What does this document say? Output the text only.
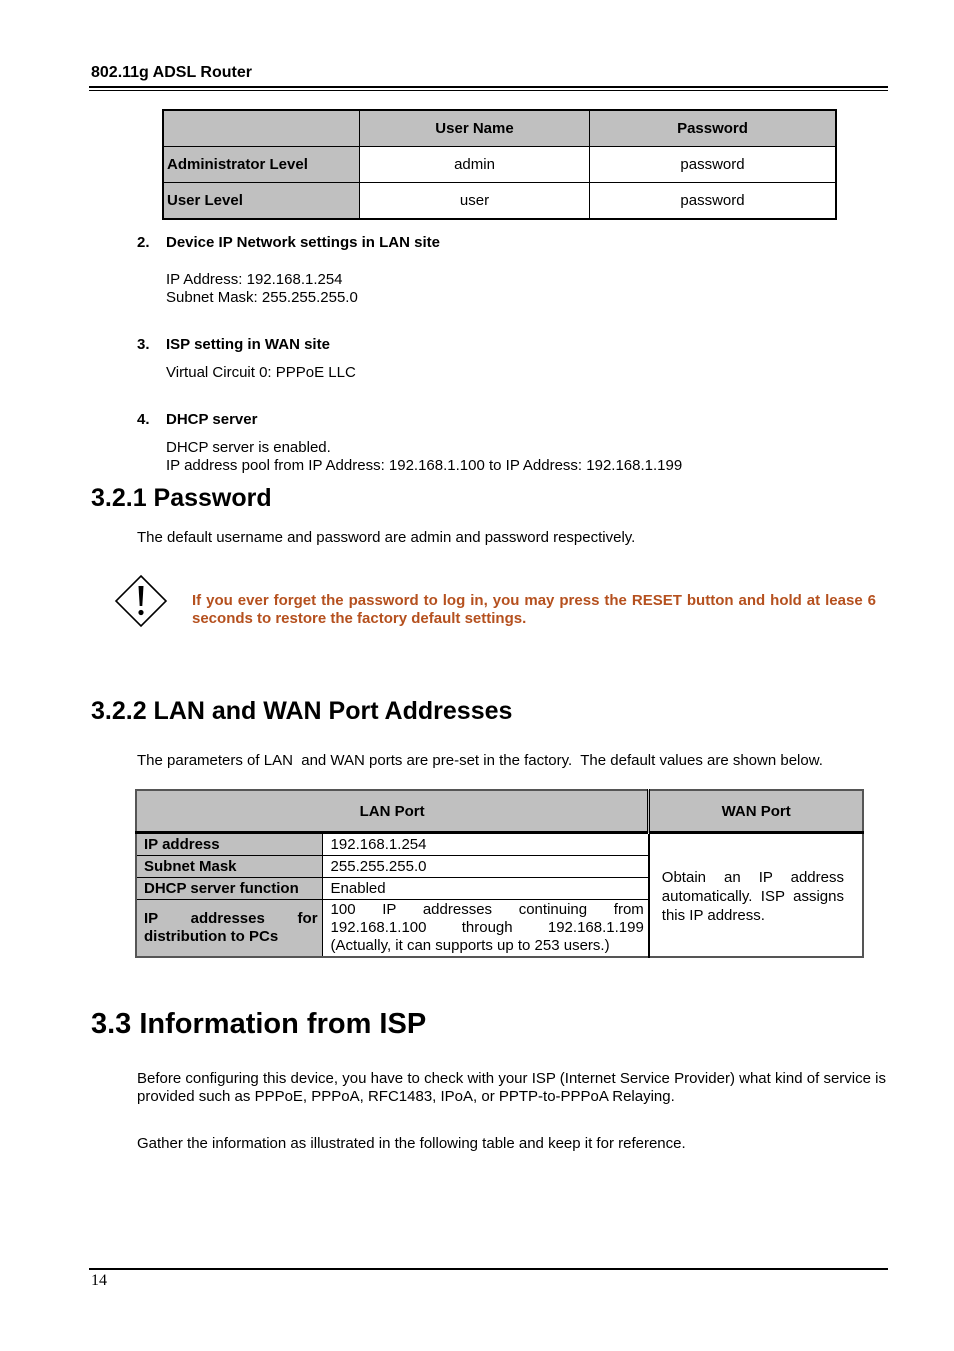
802.11g ADSL Router
	User Name	Password
Administrator Level	admin	password
User Level	user	password
2. Device IP Network settings in LAN site
IP Address: 192.168.1.254
Subnet Mask: 255.255.255.0
3. ISP setting in WAN site
Virtual Circuit 0: PPPoE LLC
4. DHCP server
DHCP server is enabled.
IP address pool from IP Address: 192.168.1.100 to IP Address: 192.168.1.199
3.2.1 Password
The default username and password are admin and password respectively.
If you ever forget the password to log in, you may press the RESET button and hold at lease 6 seconds to restore the factory default settings.
3.2.2 LAN and WAN Port Addresses
The parameters of LAN  and WAN ports are pre-set in the factory.  The default values are shown below.
LAN Port		WAN Port
IP address	192.168.1.254	Obtain an IP address automatically. ISP assigns this IP address.
Subnet Mask	255.255.255.0	
DHCP server function	Enabled	
IP addresses for distribution to PCs	100 IP addresses continuing from 192.168.1.100 through 192.168.1.199 (Actually, it can supports up to 253 users.)	
3.3 Information from ISP
Before configuring this device, you have to check with your ISP (Internet Service Provider) what kind of service is provided such as PPPoE, PPPoA, RFC1483, IPoA, or PPTP-to-PPPoA Relaying.
Gather the information as illustrated in the following table and keep it for reference.
14
